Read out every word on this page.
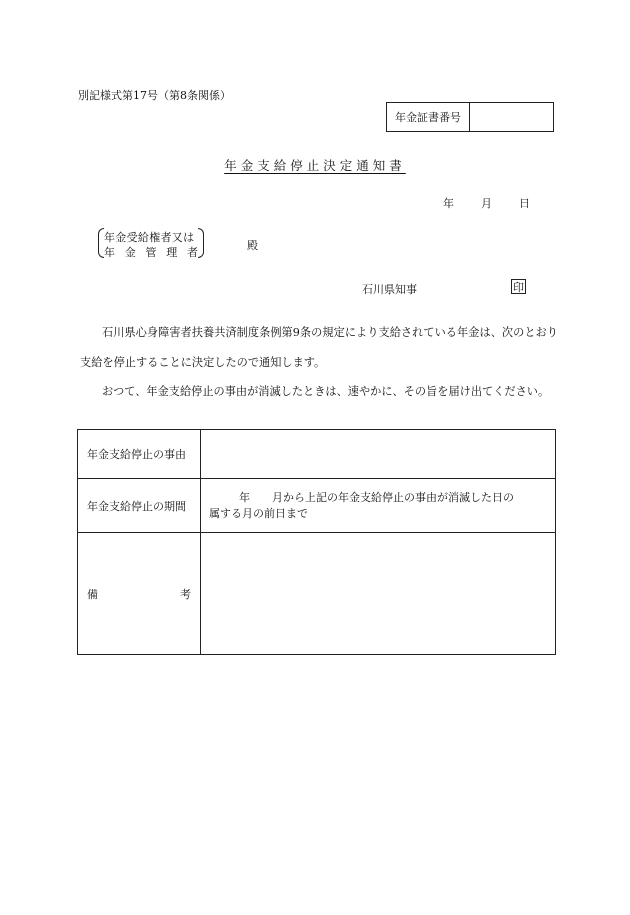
別記様式第17号（第8条関係）
年金証書番号
年金支給停止決定通知書
年 月 日
年金受給権者又は
年 金 管 理 者
殿
石川県知事	印

石川県心身障害者扶養共済制度条例第9条の規定により支給されている年金は、次のとおり支給を停止することに決定したので通知します。

おつて、年金支給停止の事由が消滅したときは、速やかに、その旨を届け出てください。

年金支給停止の事由	
年金支給停止の期間	年　　月から上記の年金支給停止の事由が消滅した日の
属する月の前日まで

備 考	
